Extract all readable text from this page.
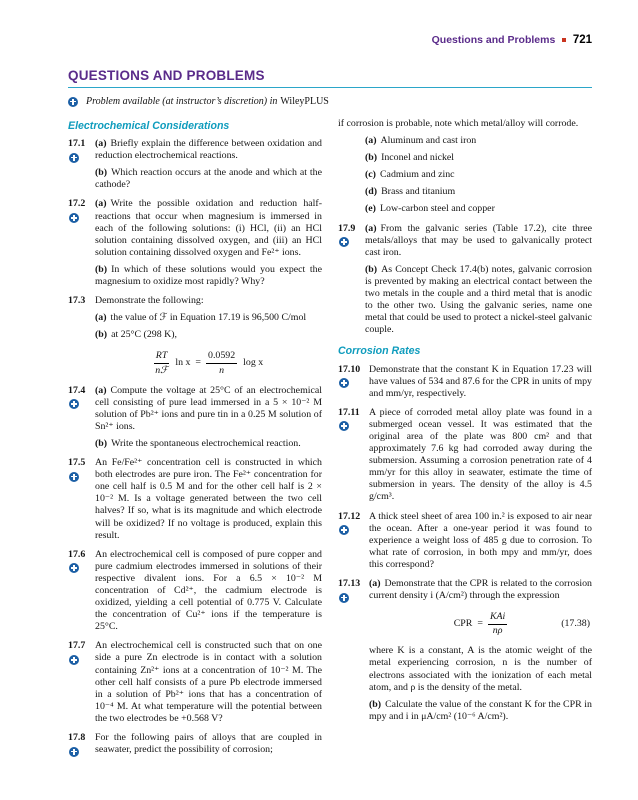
Questions and Problems 721
QUESTIONS AND PROBLEMS
Problem available (at instructor’s discretion) in WileyPLUS
Electrochemical Considerations
17.1 (a) Briefly explain the difference between oxidation and reduction electrochemical reactions.

(b) Which reaction occurs at the anode and which at the cathode?

17.2 (a) Write the possible oxidation and reduction half-reactions that occur when magnesium is immersed in each of the following solutions: (i) HCl, (ii) an HCl solution containing dissolved oxygen, and (iii) an HCl solution containing dissolved oxygen and Fe²⁺ ions.

(b) In which of these solutions would you expect the magnesium to oxidize most rapidly? Why?

17.3 Demonstrate the following:

(a) the value of ℱ in Equation 17.19 is 96,500 C/mol

(b) at 25°C (298 K),

$\frac{RT}{\text{nℱ}}$ $\ln x = \frac{0.0592}{n}$ log x
17.4 (a) Compute the voltage at 25°C of an electrochemical cell consisting of pure lead immersed in a 5 × 10⁻² M solution of Pb²⁺ ions and pure tin in a 0.25 M solution of Sn²⁺ ions.

(b) Write the spontaneous electrochemical reaction.

17.5 An Fe/Fe²⁺ concentration cell is constructed in which both electrodes are pure iron. The Fe²⁺ concentration for one cell half is 0.5 M and for the other cell half is 2 × 10⁻² M. Is a voltage generated between the two cell halves? If so, what is its magnitude and which electrode will be oxidized? If no voltage is produced, explain this result.

17.6 An electrochemical cell is composed of pure copper and pure cadmium electrodes immersed in solutions of their respective divalent ions. For a 6.5 × 10⁻² M concentration of Cd²⁺, the cadmium electrode is oxidized, yielding a cell potential of 0.775 V. Calculate the concentration of Cu²⁺ ions if the temperature is 25°C.

17.7 An electrochemical cell is constructed such that on one side a pure Zn electrode is in contact with a solution containing Zn²⁺ ions at a concentration of 10⁻² M. The other cell half consists of a pure Pb electrode immersed in a solution of Pb²⁺ ions that has a concentration of 10⁻⁴ M. At what temperature will the potential between the two electrodes be +0.568 V?

17.8 For the following pairs of alloys that are coupled in seawater, predict the possibility of corrosion;

if corrosion is probable, note which metal/alloy will corrode.

(a) Aluminum and cast iron
(b) Inconel and nickel
(c) Cadmium and zinc
(d) Brass and titanium
(e) Low-carbon steel and copper
17.9 (a) From the galvanic series (Table 17.2), cite three metals/alloys that may be used to galvanically protect cast iron.

(b) As Concept Check 17.4(b) notes, galvanic corrosion is prevented by making an electrical contact between the two metals in the couple and a third metal that is anodic to the other two. Using the galvanic series, name one metal that could be used to protect a nickel-steel galvanic couple.

Corrosion Rates
17.10 Demonstrate that the constant K in Equation 17.23 will have values of 534 and 87.6 for the CPR in units of mpy and mm/yr, respectively.

17.11 A piece of corroded metal alloy plate was found in a submerged ocean vessel. It was estimated that the original area of the plate was 800 cm² and that approximately 7.6 kg had corroded away during the submersion. Assuming a corrosion penetration rate of 4 mm/yr for this alloy in seawater, estimate the time of submersion in years. The density of the alloy is 4.5 g/cm³.

17.12 A thick steel sheet of area 100 in.² is exposed to air near the ocean. After a one-year period it was found to experience a weight loss of 485 g due to corrosion. To what rate of corrosion, in both mpy and mm/yr, does this correspond?

17.13 (a) Demonstrate that the CPR is related to the corrosion current density i (A/cm²) through the expression

CPR = $\frac{\text{KAi}}{n\rho}$	(17.38)

where K is a constant, A is the atomic weight of the metal experiencing corrosion, n is the number of electrons associated with the ionization of each metal atom, and ρ is the density of the metal.

(b) Calculate the value of the constant K for the CPR in mpy and i in μA/cm² (10⁻⁶ A/cm²).
